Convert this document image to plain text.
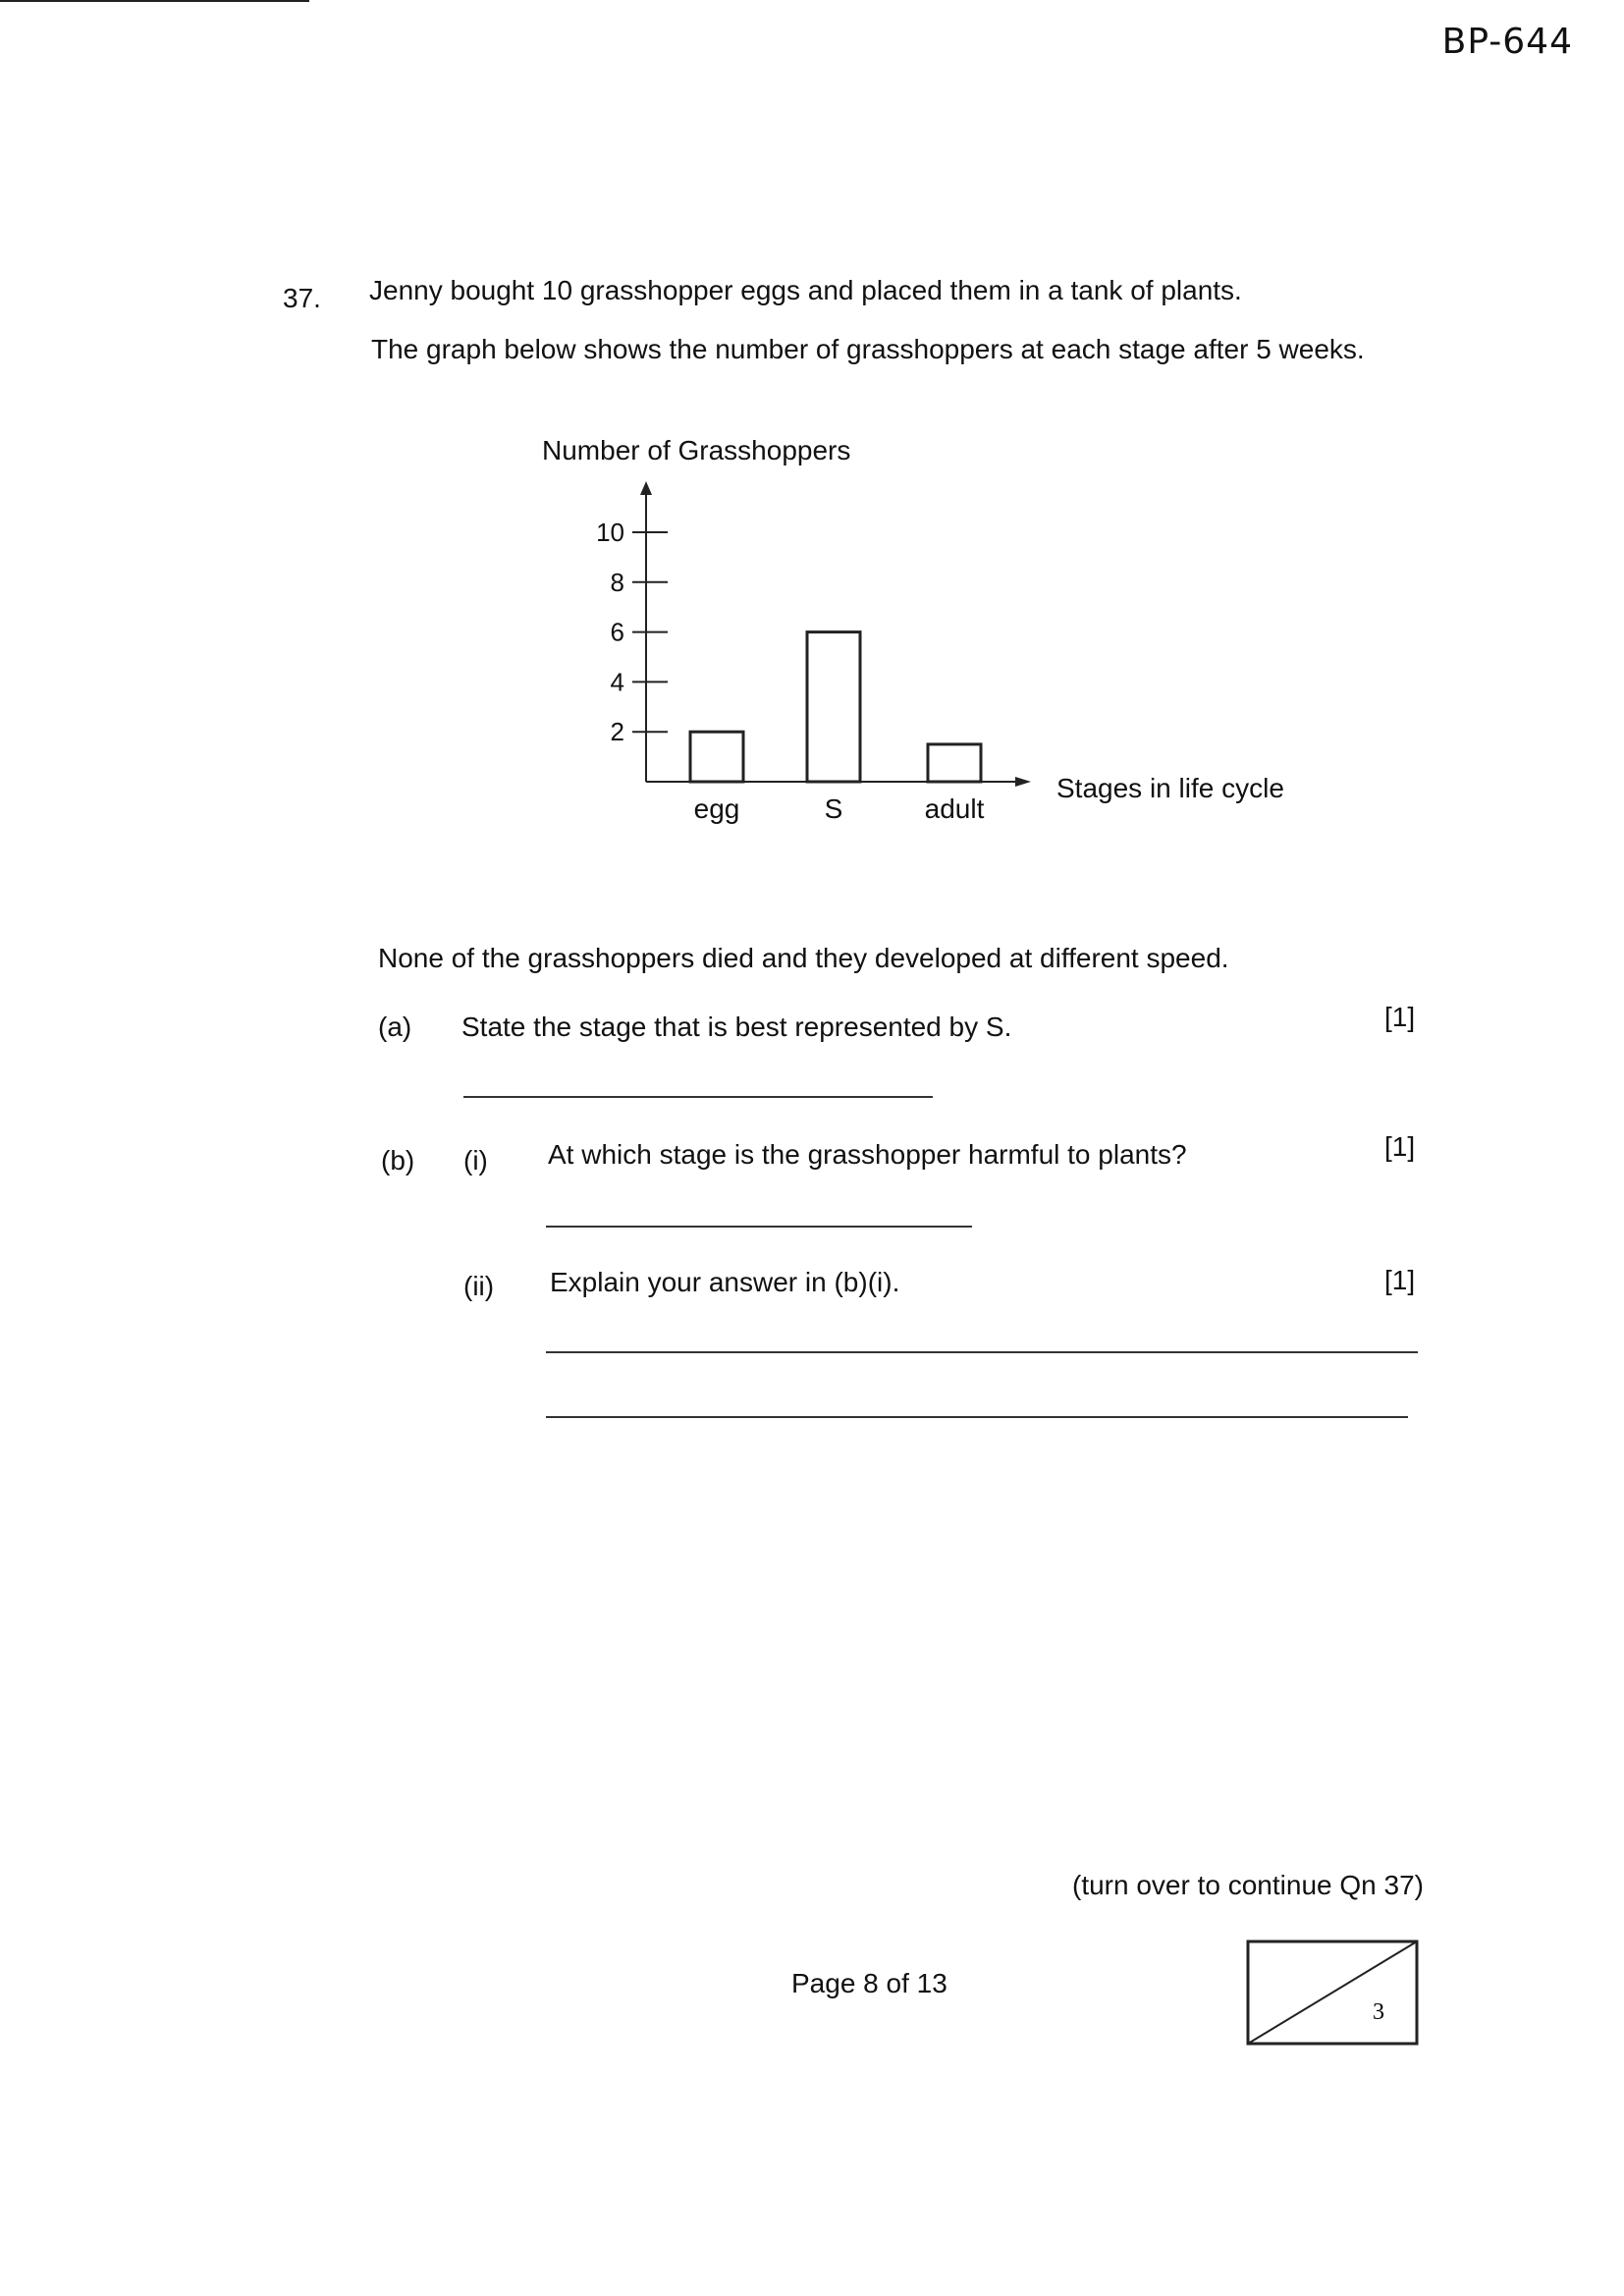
BP-644
37. Jenny bought 10 grasshopper eggs and placed them in a tank of plants.
The graph below shows the number of grasshoppers at each stage after 5 weeks.
Number of Grasshoppers
Stages in life cycle
2
4
6
8
10
egg	S	adult
None of the grasshoppers died and they developed at different speed.
(a) State the stage that is best represented by S.	[1]
(b) (i) At which stage is the grasshopper harmful to plants?	[1]
(ii) Explain your answer in (b)(i).	[1]
(turn over to continue Qn 37)
Page 8 of 13
3
